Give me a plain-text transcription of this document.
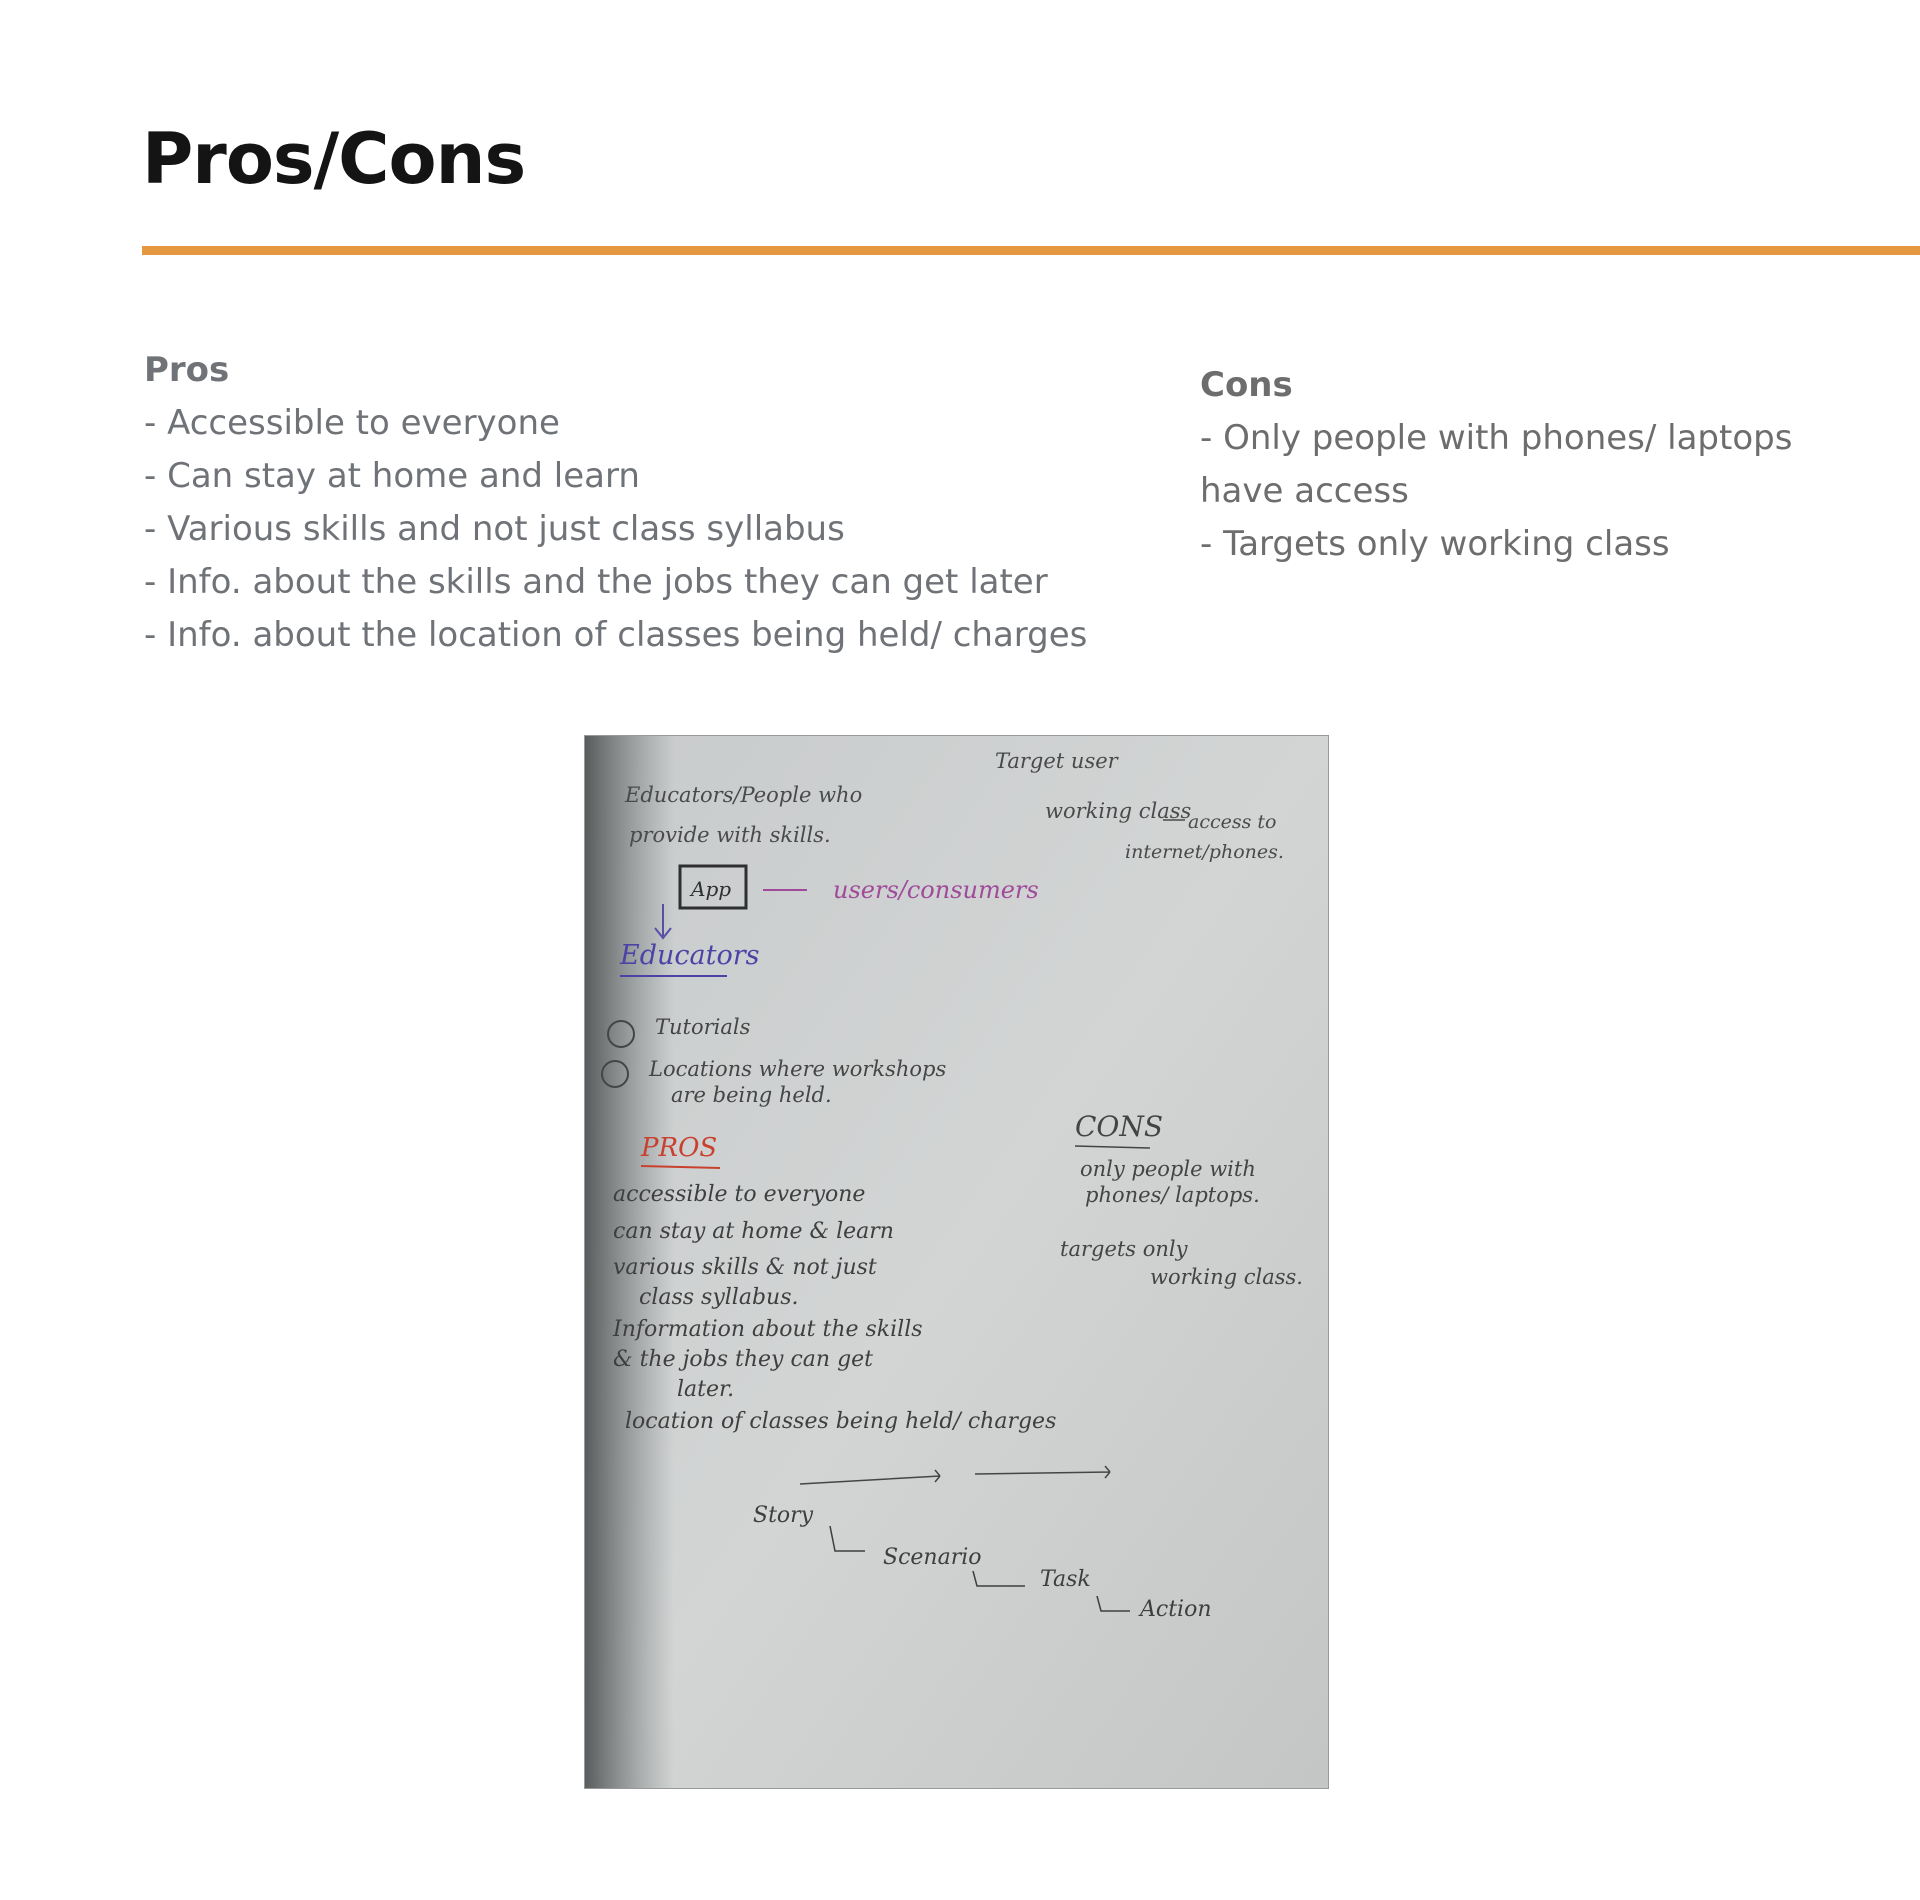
Pros/Cons
Pros
- Accessible to everyone
- Can stay at home and learn
- Various skills and not just class syllabus
- Info. about the skills and the jobs they can get later
- Info. about the location of classes being held/ charges
Cons
- Only people with phones/ laptops have access
- Targets only working class
Target user
working class
access to
internet/phones.
Educators/People who
provide with skills.
App	users/consumers
Educators
Tutorials
Locations where workshops
are being held.
PROS
accessible to everyone
can stay at home & learn
various skills & not just
class syllabus.
Information about the skills
& the jobs they can get
later.
location of classes being held/ charges
CONS
only people with
phones/ laptops.
targets only
working class.
Story
Scenario
Task
Action
